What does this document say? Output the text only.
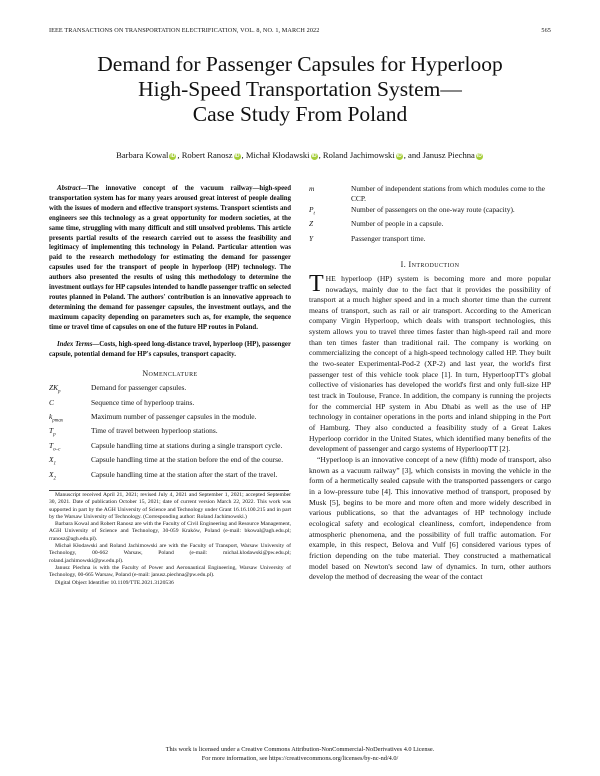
IEEE TRANSACTIONS ON TRANSPORTATION ELECTRIFICATION, VOL. 8, NO. 1, MARCH 2022	565
Demand for Passenger Capsules for Hyperloop
High-Speed Transportation System—
Case Study From Poland
Barbara Kowal iD , Robert Ranosz iD , Michał Kłodawski iD , Roland Jachimowski iD , and Janusz Piechna iD
Abstract—The innovative concept of the vacuum railway—high-speed transportation system has for many years aroused great interest of people dealing with the issues of modern and effective transport systems. Transport scientists and engineers see this technology as a great opportunity for modern societies, at the same time, struggling with many difficult and still unsolved problems. This article presents partial results of the research carried out to assess the feasibility and legitimacy of implementing this technology in Poland. Particular attention was paid to the research methodology for estimating the demand for passenger capsules used for the transport of people in hyperloop (HP) technology. The authors also presented the results of using this methodology to determine the investment outlays for HP capsules intended to handle passenger traffic on selected routes planned in Poland. The authors' contribution is an innovative approach to determining the demand for passenger capsules, the investment outlays, and the maximum capacity depending on parameters such as, for example, the sequence time or travel time of capsules on one of the future HP routes in Poland.
Index Terms—Costs, high-speed long-distance travel, hyperloop (HP), passenger capsule, potential demand for HP's capsules, transport capacity.
Nomenclature
$ZK_p$	Demand for passenger capsules.
C	Sequence time of hyperloop trains.
$k_{pmax}$	Maximum number of passenger capsules in the module.
$T_p$	Time of travel between hyperloop stations.
$T_{o-c}$	Capsule handling time at stations during a single transport cycle.
$X_1$	Capsule handling time at the station before the end of the course.
$X_2$	Capsule handling time at the station after the start of the travel.

Manuscript received April 21, 2021; revised July 4, 2021 and September 1, 2021; accepted September 30, 2021. Date of publication October 15, 2021; date of current version March 22, 2022. This work was supported in part by the AGH University of Science and Technology under Grant 16.16.100.215 and in part by the Warsaw University of Technology. (Corresponding author: Roland Jachimowski.)

Barbara Kowal and Robert Ranosz are with the Faculty of Civil Engineering and Resource Management, AGH University of Science and Technology, 30-059 Kraków, Poland (e-mail: bkowal@agh.edu.pl; rranosz@agh.edu.pl).

Michał Kłodawski and Roland Jachimowski are with the Faculty of Transport, Warsaw University of Technology, 00-662 Warsaw, Poland (e-mail: michal.klodawski@pw.edu.pl; roland.jachimowski@pw.edu.pl).

Janusz Piechna is with the Faculty of Power and Aeronautical Engineering, Warsaw University of Technology, 00-665 Warsaw, Poland (e-mail: janusz.piechna@pw.edu.pl).

Digital Object Identifier 10.1109/TTE.2021.3120536

m	Number of independent stations from which modules come to the CCP.
$P_t$	Number of passengers on the one-way route (capacity).
Z	Number of people in a capsule.
Y	Passenger transport time.
I. Introduction

THE hyperloop (HP) system is becoming more and more popular nowadays, mainly due to the fact that it provides the possibility of transport at a much higher speed and in a much shorter time than the current means of transport, such as rail or air transport. According to the American company Virgin Hyperloop, which deals with transport technologies, this system allows you to travel three times faster than high-speed rail and more than ten times faster than traditional rail. The company is working on commercializing the concept of a high-speed technology called HP. They built the two-seater Experimental-Pod-2 (XP-2) and last year, the world's first passenger test of this vehicle took place [1]. In turn, HyperloopTT's global collective of visionaries has developed the world's first and only full-size HP test track in Toulouse, France. In addition, the company is running the projects for the commercial HP system in Abu Dhabi as well as the use of HP technology in container operations in the ports and inland shipping in the Port of Hamburg. They also conducted a feasibility study of a Great Lakes Hyperloop corridor in the United States, which identified many benefits of the development of passenger and cargo systems of HyperloopTT [2].

“Hyperloop is an innovative concept of a new (fifth) mode of transport, also known as a vacuum railway” [3], which consists in moving the vehicle in the form of a hermetically sealed capsule with the transported passengers or cargo in a low-pressure tube [4]. This innovative method of transport, proposed by Musk [5], begins to be more and more often and more widely described in various publications, so that the advantages of HP technology include ecological safety and ecological cleanliness, comfort, independence from atmospheric phenomena, and the possibility of full traffic automation. For example, in this respect, Belova and Vulf [6] considered various types of friction depending on the tube material. They constructed a mathematical model based on Newton's second law of dynamics. In turn, other authors develop the method of decreasing the wear of the contact

This work is licensed under a Creative Commons Attribution-NonCommercial-NoDerivatives 4.0 License.
For more information, see https://creativecommons.org/licenses/by-nc-nd/4.0/
